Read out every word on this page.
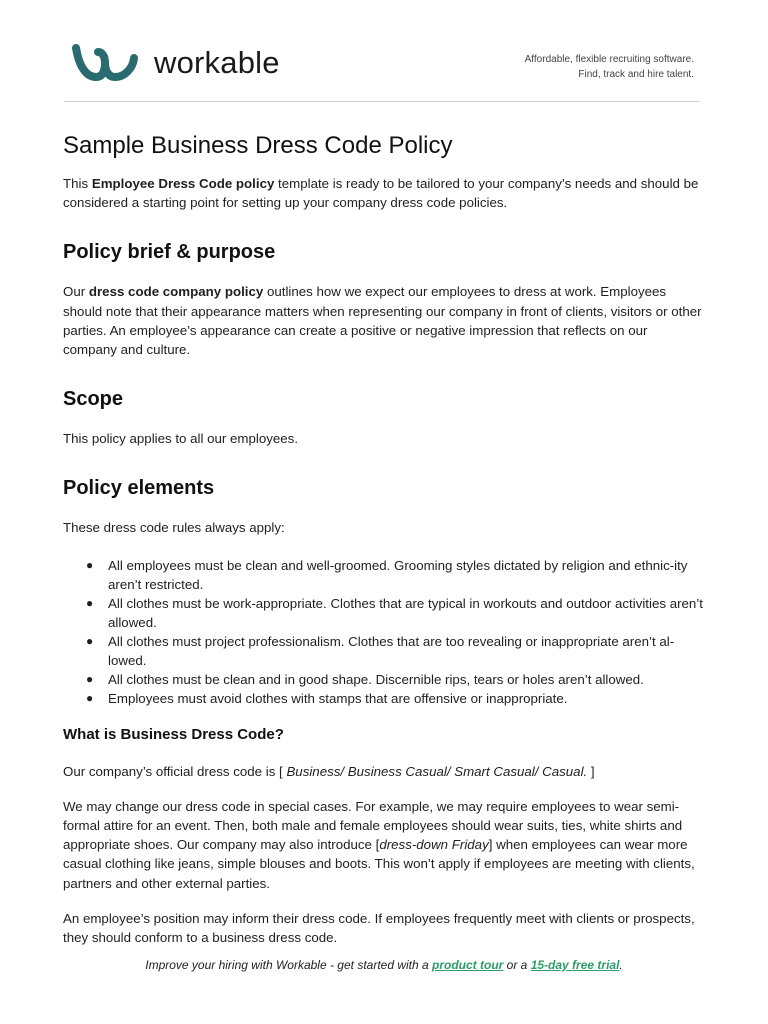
workable	Affordable, flexible recruiting software.
Find, track and hire talent.
Sample Business Dress Code Policy

This Employee Dress Code policy template is ready to be tailored to your company’s needs and should be considered a starting point for setting up your company dress code policies.

Policy brief & purpose

Our dress code company policy outlines how we expect our employees to dress at work. Employees should note that their appearance matters when representing our company in front of clients, visitors or other parties. An employee’s appearance can create a positive or negative impression that reflects on our company and culture.

Scope

This policy applies to all our employees.

Policy elements

These dress code rules always apply:

● All employees must be clean and well-groomed. Grooming styles dictated by religion and ethnic-ity aren’t restricted.
● All clothes must be work-appropriate. Clothes that are typical in workouts and outdoor activities aren’t allowed.
● All clothes must project professionalism. Clothes that are too revealing or inappropriate aren’t al-lowed.
● All clothes must be clean and in good shape. Discernible rips, tears or holes aren’t allowed.
● Employees must avoid clothes with stamps that are offensive or inappropriate.
What is Business Dress Code?

Our company’s official dress code is [ Business/ Business Casual/ Smart Casual/ Casual. ]

We may change our dress code in special cases. For example, we may require employees to wear semi-formal attire for an event. Then, both male and female employees should wear suits, ties, white shirts and appropriate shoes. Our company may also introduce [dress-down Friday] when employees can wear more casual clothing like jeans, simple blouses and boots. This won’t apply if employees are meeting with clients, partners and other external parties.

An employee’s position may inform their dress code. If employees frequently meet with clients or prospects, they should conform to a business dress code.

Improve your hiring with Workable - get started with a product tour or a 15-day free trial.
